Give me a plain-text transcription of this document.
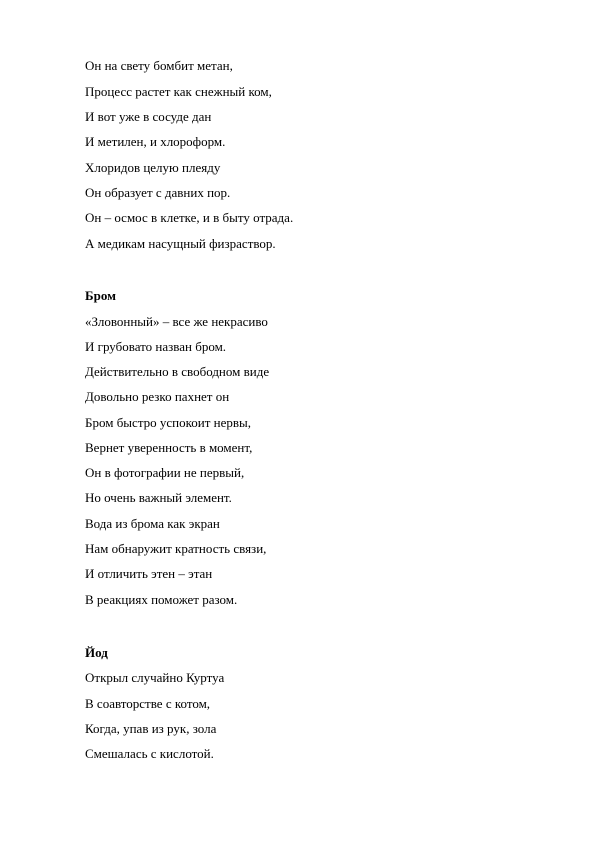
Он на свету бомбит метан,
Процесс растет как снежный ком,
И вот уже в сосуде дан
И метилен, и хлороформ.
Хлоридов целую плеяду
Он образует с давних пор.
Он – осмос в клетке, и в быту отрада.
А медикам насущный физраствор.
Бром
«Зловонный» – все же некрасиво
И грубовато назван бром.
Действительно в свободном виде
Довольно резко пахнет он
Бром быстро успокоит нервы,
Вернет уверенность в момент,
Он в фотографии не первый,
Но очень важный элемент.
Вода из брома как экран
Нам обнаружит кратность связи,
И отличить этен – этан
В реакциях поможет разом.
Йод
Открыл случайно Куртуа
В соавторстве с котом,
Когда, упав из рук, зола
Смешалась с кислотой.
